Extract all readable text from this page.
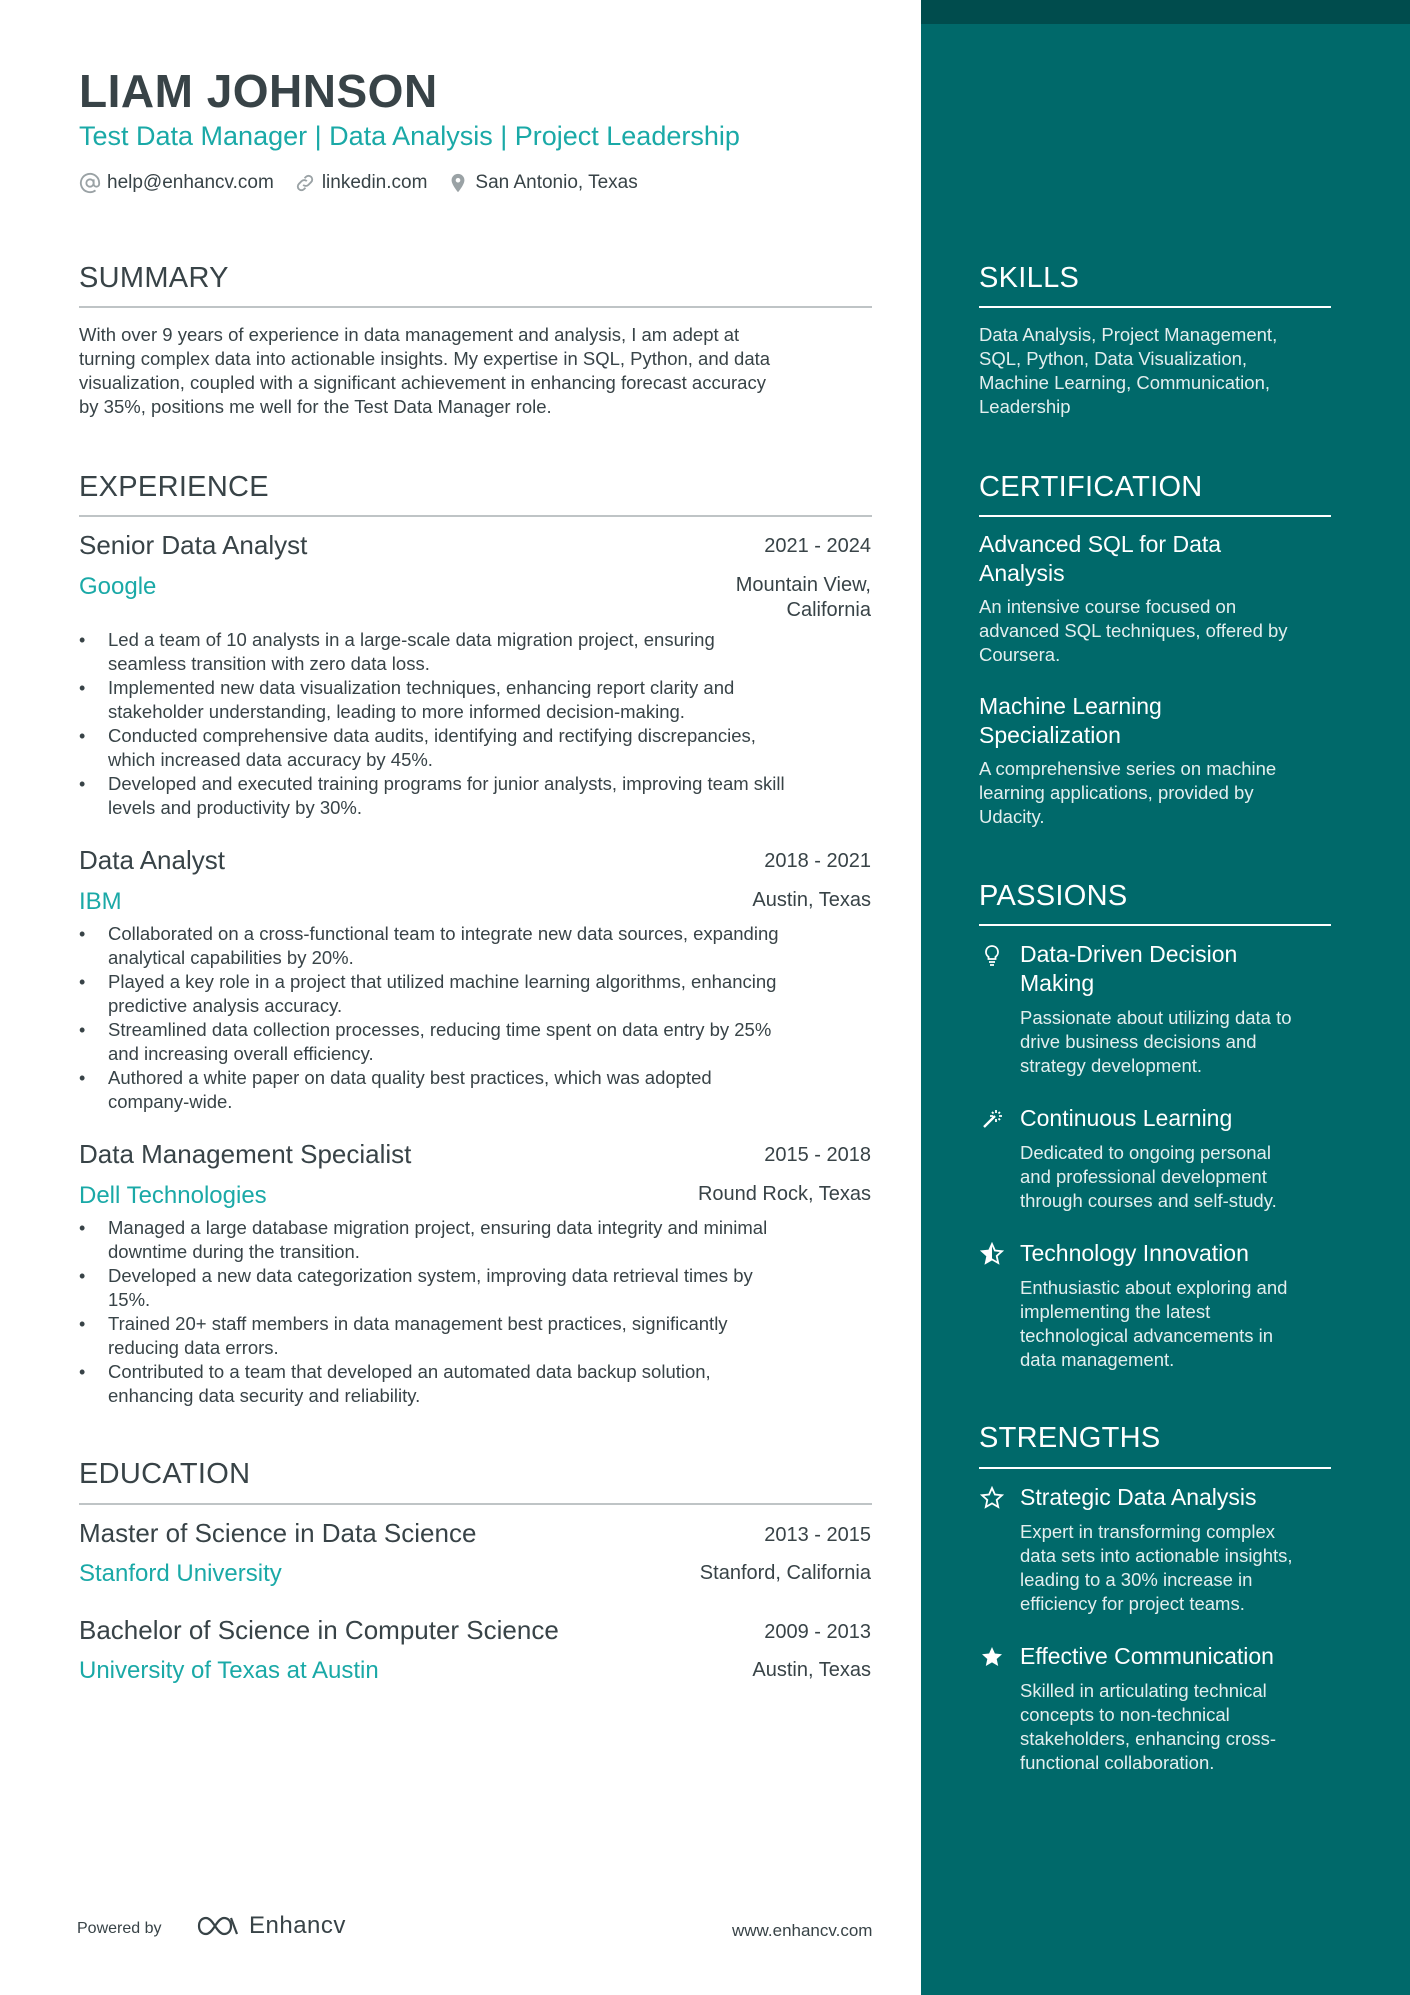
LIAM JOHNSON
Test Data Manager | Data Analysis | Project Leadership
help@enhancv.com	linkedin.com	San Antonio, Texas
SUMMARY
With over 9 years of experience in data management and analysis, I am adept at
turning complex data into actionable insights. My expertise in SQL, Python, and data
visualization, coupled with a significant achievement in enhancing forecast accuracy
by 35%, positions me well for the Test Data Manager role.
EXPERIENCE
Senior Data Analyst	2021 - 2024
Google	Mountain View,
California
• Led a team of 10 analysts in a large-scale data migration project, ensuring
seamless transition with zero data loss.
• Implemented new data visualization techniques, enhancing report clarity and
stakeholder understanding, leading to more informed decision-making.
• Conducted comprehensive data audits, identifying and rectifying discrepancies,
which increased data accuracy by 45%.
• Developed and executed training programs for junior analysts, improving team skill
levels and productivity by 30%.
Data Analyst	2018 - 2021
IBM	Austin, Texas
• Collaborated on a cross-functional team to integrate new data sources, expanding
analytical capabilities by 20%.
• Played a key role in a project that utilized machine learning algorithms, enhancing
predictive analysis accuracy.
• Streamlined data collection processes, reducing time spent on data entry by 25%
and increasing overall efficiency.
• Authored a white paper on data quality best practices, which was adopted
company-wide.
Data Management Specialist	2015 - 2018
Dell Technologies	Round Rock, Texas
• Managed a large database migration project, ensuring data integrity and minimal
downtime during the transition.
• Developed a new data categorization system, improving data retrieval times by
15%.
• Trained 20+ staff members in data management best practices, significantly
reducing data errors.
• Contributed to a team that developed an automated data backup solution,
enhancing data security and reliability.
EDUCATION
Master of Science in Data Science	2013 - 2015
Stanford University	Stanford, California
Bachelor of Science in Computer Science	2009 - 2013
University of Texas at Austin	Austin, Texas
Powered by	Enhancv	www.enhancv.com
SKILLS
Data Analysis, Project Management,
SQL, Python, Data Visualization,
Machine Learning, Communication,
Leadership
CERTIFICATION
Advanced SQL for Data
Analysis
An intensive course focused on
advanced SQL techniques, offered by
Coursera.
Machine Learning
Specialization
A comprehensive series on machine
learning applications, provided by
Udacity.
PASSIONS
Data-Driven Decision
Making
Passionate about utilizing data to
drive business decisions and
strategy development.
Continuous Learning
Dedicated to ongoing personal
and professional development
through courses and self-study.
Technology Innovation
Enthusiastic about exploring and
implementing the latest
technological advancements in
data management.
STRENGTHS
Strategic Data Analysis
Expert in transforming complex
data sets into actionable insights,
leading to a 30% increase in
efficiency for project teams.
Effective Communication
Skilled in articulating technical
concepts to non-technical
stakeholders, enhancing cross-
functional collaboration.
